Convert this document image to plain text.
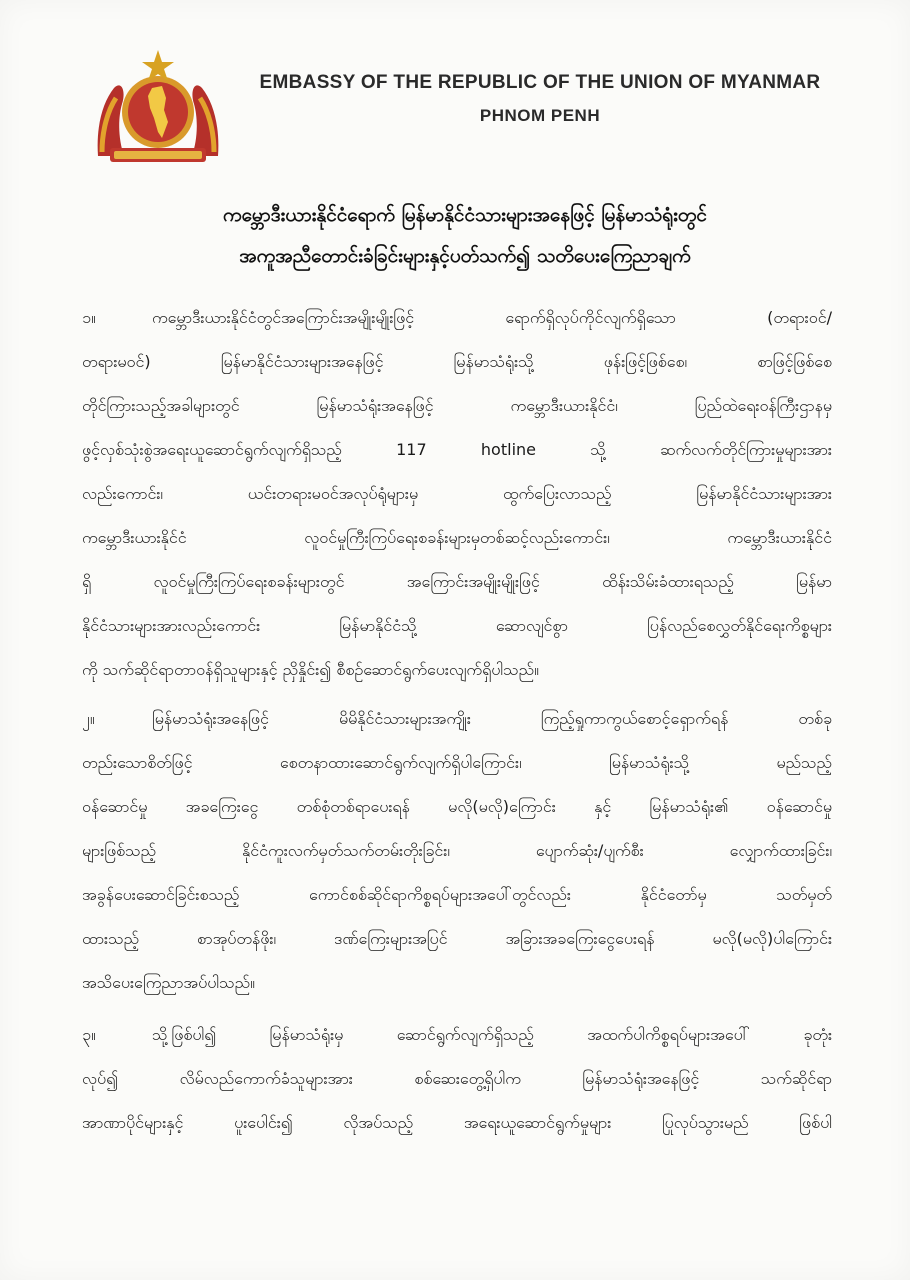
EMBASSY OF THE REPUBLIC OF THE UNION OF MYANMAR
PHNOM PENH
ကမ္ဘောဒီးယားနိုင်ငံရောက် မြန်မာနိုင်ငံသားများအနေဖြင့် မြန်မာသံရုံးတွင်
အကူအညီတောင်းခံခြင်းများနှင့်ပတ်သက်၍ သတိပေးကြေညာချက်
၁။	ကမ္ဘောဒီးယားနိုင်ငံတွင်အကြောင်းအမျိုးမျိုးဖြင့် ရောက်ရှိလုပ်ကိုင်လျက်ရှိသော (တရားဝင်/
တရားမဝင်) မြန်မာနိုင်ငံသားများအနေဖြင့် မြန်မာသံရုံးသို့ ဖုန်းဖြင့်ဖြစ်စေ၊ စာဖြင့်ဖြစ်စေ
တိုင်ကြားသည့်အခါများတွင် မြန်မာသံရုံးအနေဖြင့် ကမ္ဘောဒီးယားနိုင်ငံ၊ ပြည်ထဲရေးဝန်ကြီးဌာနမှ
ဖွင့်လှစ်သုံးစွဲအရေးယူဆောင်ရွက်လျက်ရှိသည့် 117 hotline သို့ ဆက်လက်တိုင်ကြားမှုများအား
လည်းကောင်း၊ ယင်းတရားမဝင်အလုပ်ရုံများမှ ထွက်ပြေးလာသည့် မြန်မာနိုင်ငံသားများအား
ကမ္ဘောဒီးယားနိုင်ငံ လူဝင်မှုကြီးကြပ်ရေးစခန်းများမှတစ်ဆင့်လည်းကောင်း၊ ကမ္ဘောဒီးယားနိုင်ငံ
ရှိ လူဝင်မှုကြီးကြပ်ရေးစခန်းများတွင် အကြောင်းအမျိုးမျိုးဖြင့် ထိန်းသိမ်းခံထားရသည့် မြန်မာ
နိုင်ငံသားများအားလည်းကောင်း မြန်မာနိုင်ငံသို့ ဆောလျင်စွာ ပြန်လည်စေလွှတ်နိုင်ရေးကိစ္စများ
ကို သက်ဆိုင်ရာတာဝန်ရှိသူများနှင့် ညှိနှိုင်း၍ စီစဉ်ဆောင်ရွက်ပေးလျက်ရှိပါသည်။
၂။	မြန်မာသံရုံးအနေဖြင့် မိမိနိုင်ငံသားများအကျိုး ကြည့်ရှုကာကွယ်စောင့်ရှောက်ရန် တစ်ခု
တည်းသောစိတ်ဖြင့် စေတနာထားဆောင်ရွက်လျက်ရှိပါကြောင်း၊ မြန်မာသံရုံးသို့ မည်သည့်
ဝန်ဆောင်မှု အခကြေးငွေ တစ်စုံတစ်ရာပေးရန် မလို(မလို)ကြောင်း နှင့် မြန်မာသံရုံး၏ ဝန်ဆောင်မှု
များဖြစ်သည့် နိုင်ငံကူးလက်မှတ်သက်တမ်းတိုးခြင်း၊ ပျောက်ဆုံး/ပျက်စီး လျှောက်ထားခြင်း၊
အခွန်ပေးဆောင်ခြင်းစသည့် ကောင်စစ်ဆိုင်ရာကိစ္စရပ်များအပေါ်တွင်လည်း နိုင်ငံတော်မှ သတ်မှတ်
ထားသည့် စာအုပ်တန်ဖိုး၊ ဒဏ်ကြေးများအပြင် အခြားအခကြေးငွေပေးရန် မလို(မလို)ပါကြောင်း
အသိပေးကြေညာအပ်ပါသည်။
၃။	သို့ဖြစ်ပါ၍ မြန်မာသံရုံးမှ ဆောင်ရွက်လျက်ရှိသည့် အထက်ပါကိစ္စရပ်များအပေါ် ခုတုံး
လုပ်၍ လိမ်လည်ကောက်ခံသူများအား စစ်ဆေးတွေ့ရှိပါက မြန်မာသံရုံးအနေဖြင့် သက်ဆိုင်ရာ
အာဏာပိုင်များနှင့် ပူးပေါင်း၍ လိုအပ်သည့် အရေးယူဆောင်ရွက်မှုများ ပြုလုပ်သွားမည် ဖြစ်ပါ
